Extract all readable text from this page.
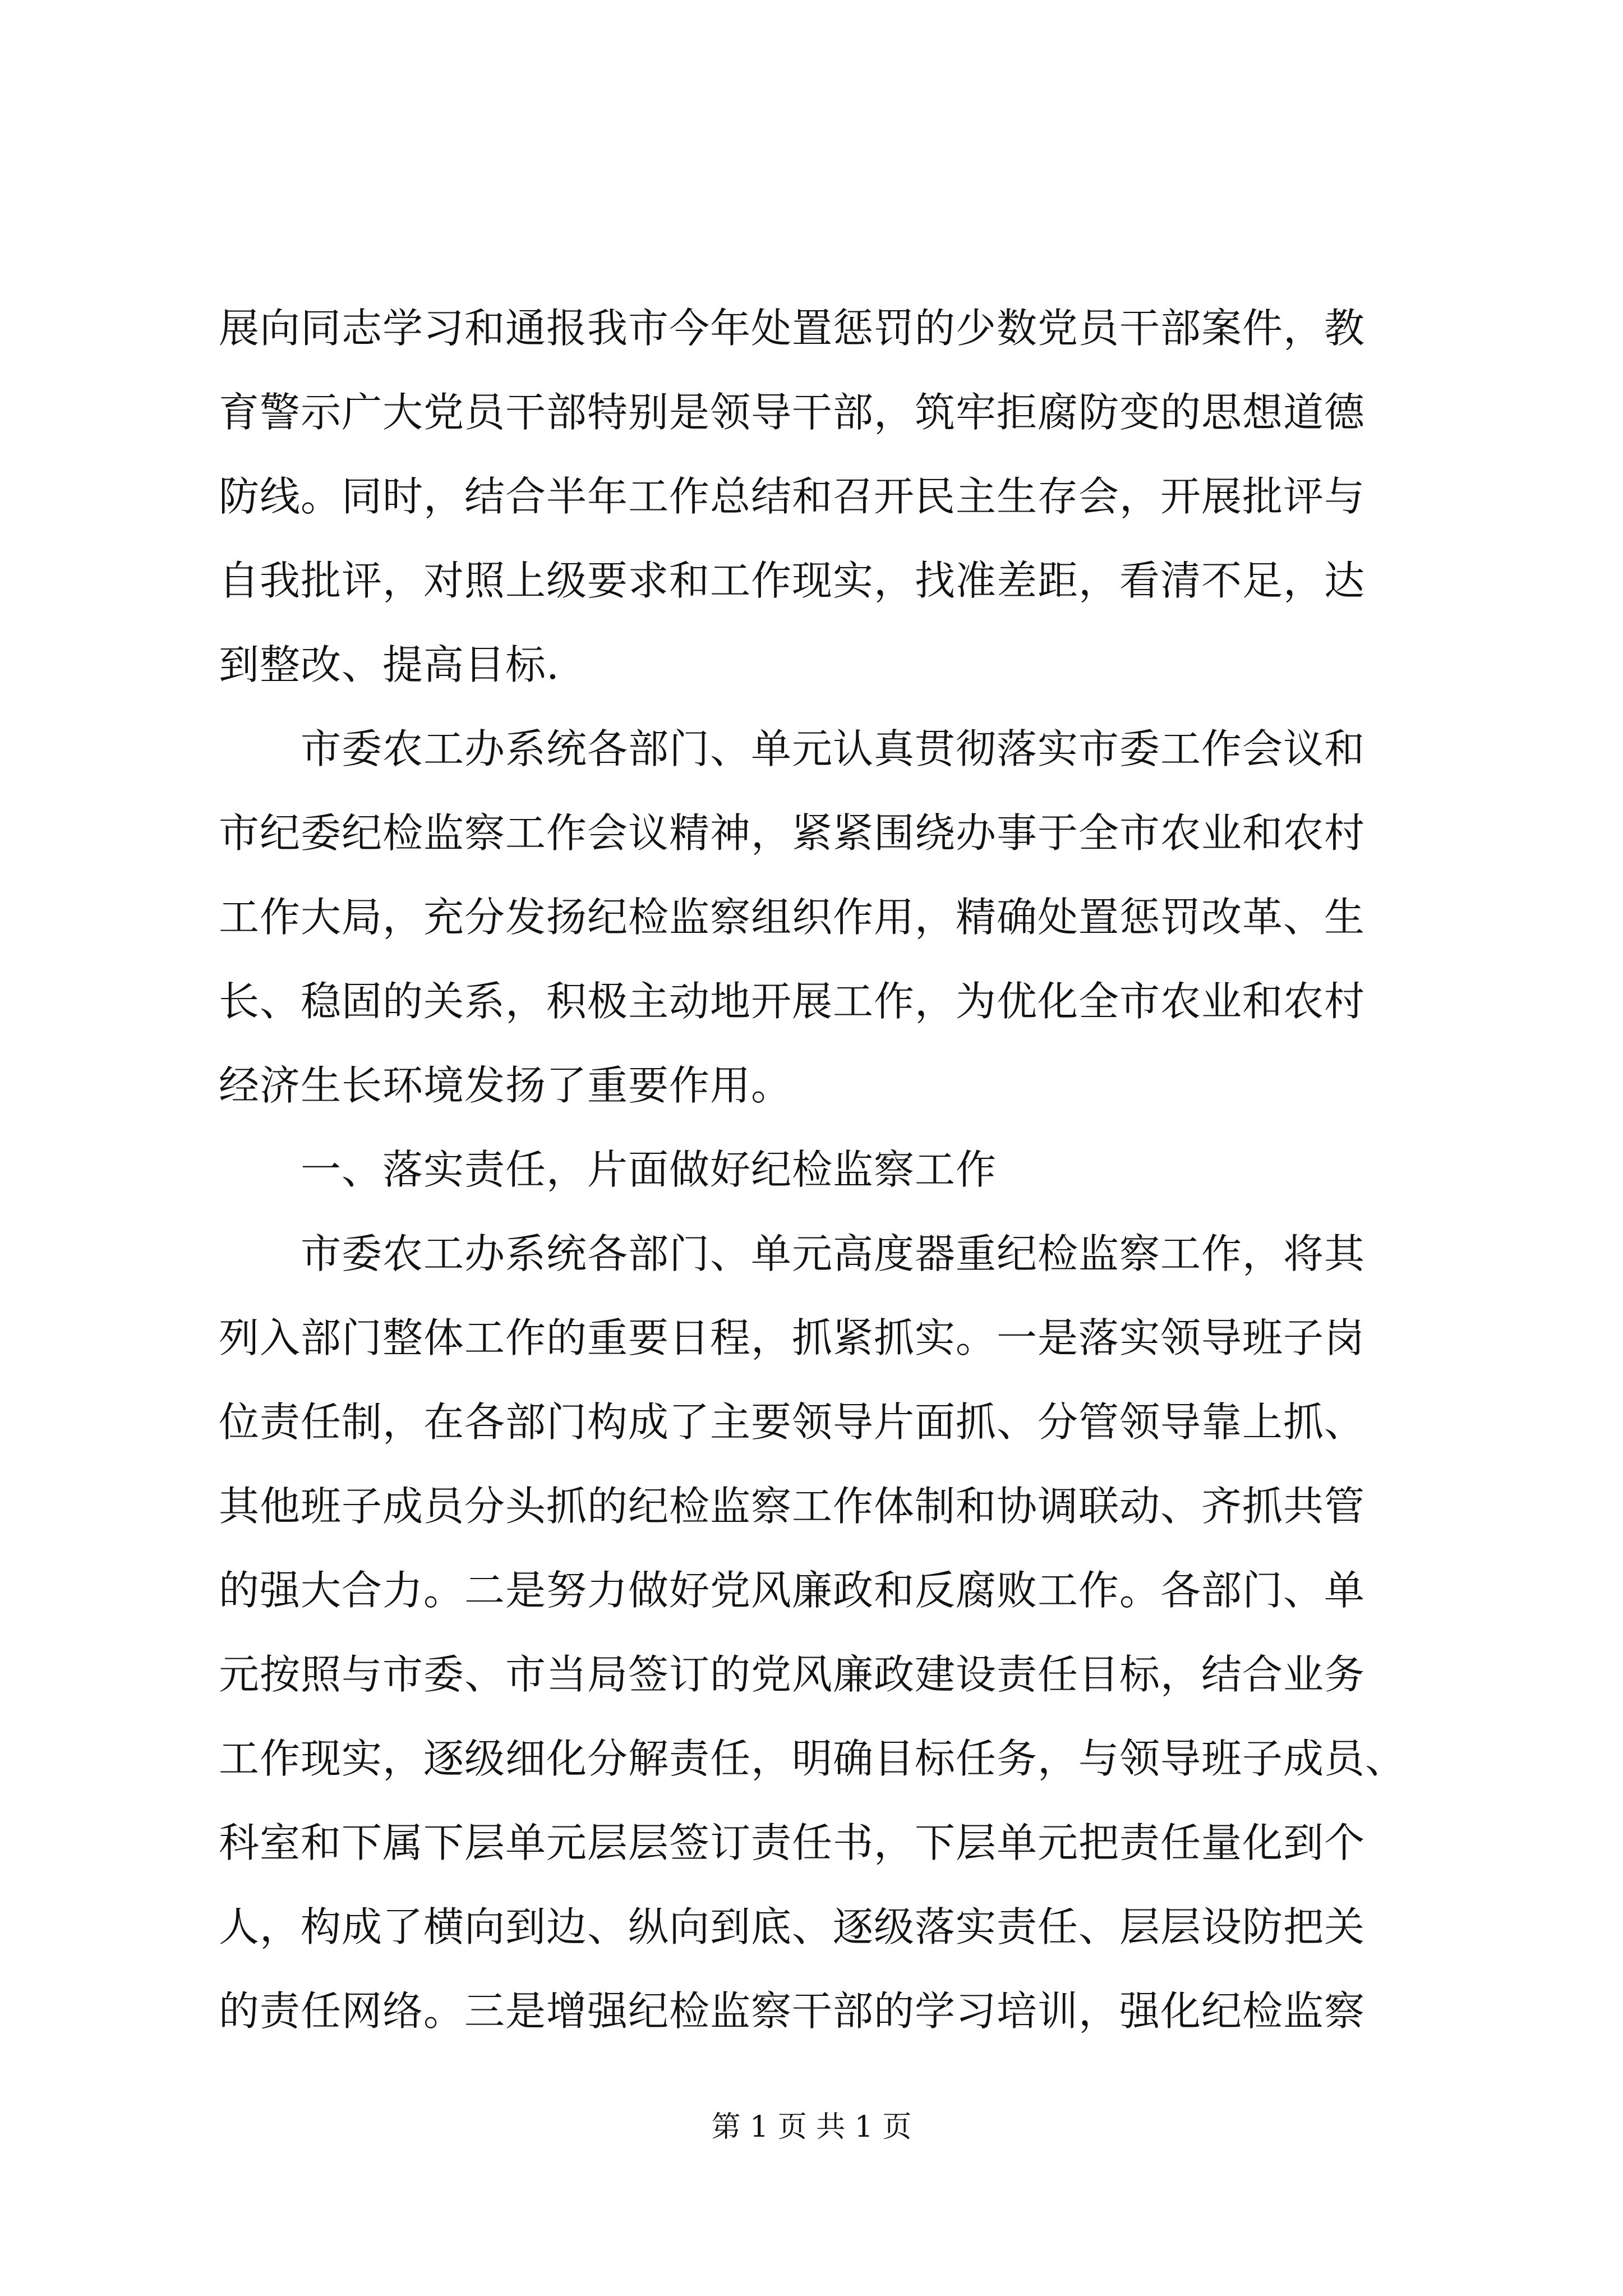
展向同志学习和通报我市今年处置惩罚的少数党员干部案件，教
育警示广大党员干部特别是领导干部，筑牢拒腐防变的思想道德
防线。同时，结合半年工作总结和召开民主生存会，开展批评与
自我批评，对照上级要求和工作现实，找准差距，看清不足，达
到整改、提高目标.
　　市委农工办系统各部门、单元认真贯彻落实市委工作会议和
市纪委纪检监察工作会议精神，紧紧围绕办事于全市农业和农村
工作大局，充分发扬纪检监察组织作用，精确处置惩罚改革、生
长、稳固的关系，积极主动地开展工作，为优化全市农业和农村
经济生长环境发扬了重要作用。
　　一、落实责任，片面做好纪检监察工作
　　市委农工办系统各部门、单元高度器重纪检监察工作，将其
列入部门整体工作的重要日程，抓紧抓实。一是落实领导班子岗
位责任制，在各部门构成了主要领导片面抓、分管领导靠上抓、
其他班子成员分头抓的纪检监察工作体制和协调联动、齐抓共管
的强大合力。二是努力做好党风廉政和反腐败工作。各部门、单
元按照与市委、市当局签订的党风廉政建设责任目标，结合业务
工作现实，逐级细化分解责任，明确目标任务，与领导班子成员、
科室和下属下层单元层层签订责任书，下层单元把责任量化到个
人，构成了横向到边、纵向到底、逐级落实责任、层层设防把关
的责任网络。三是增强纪检监察干部的学习培训，强化纪检监察
第 1 页 共 1 页
